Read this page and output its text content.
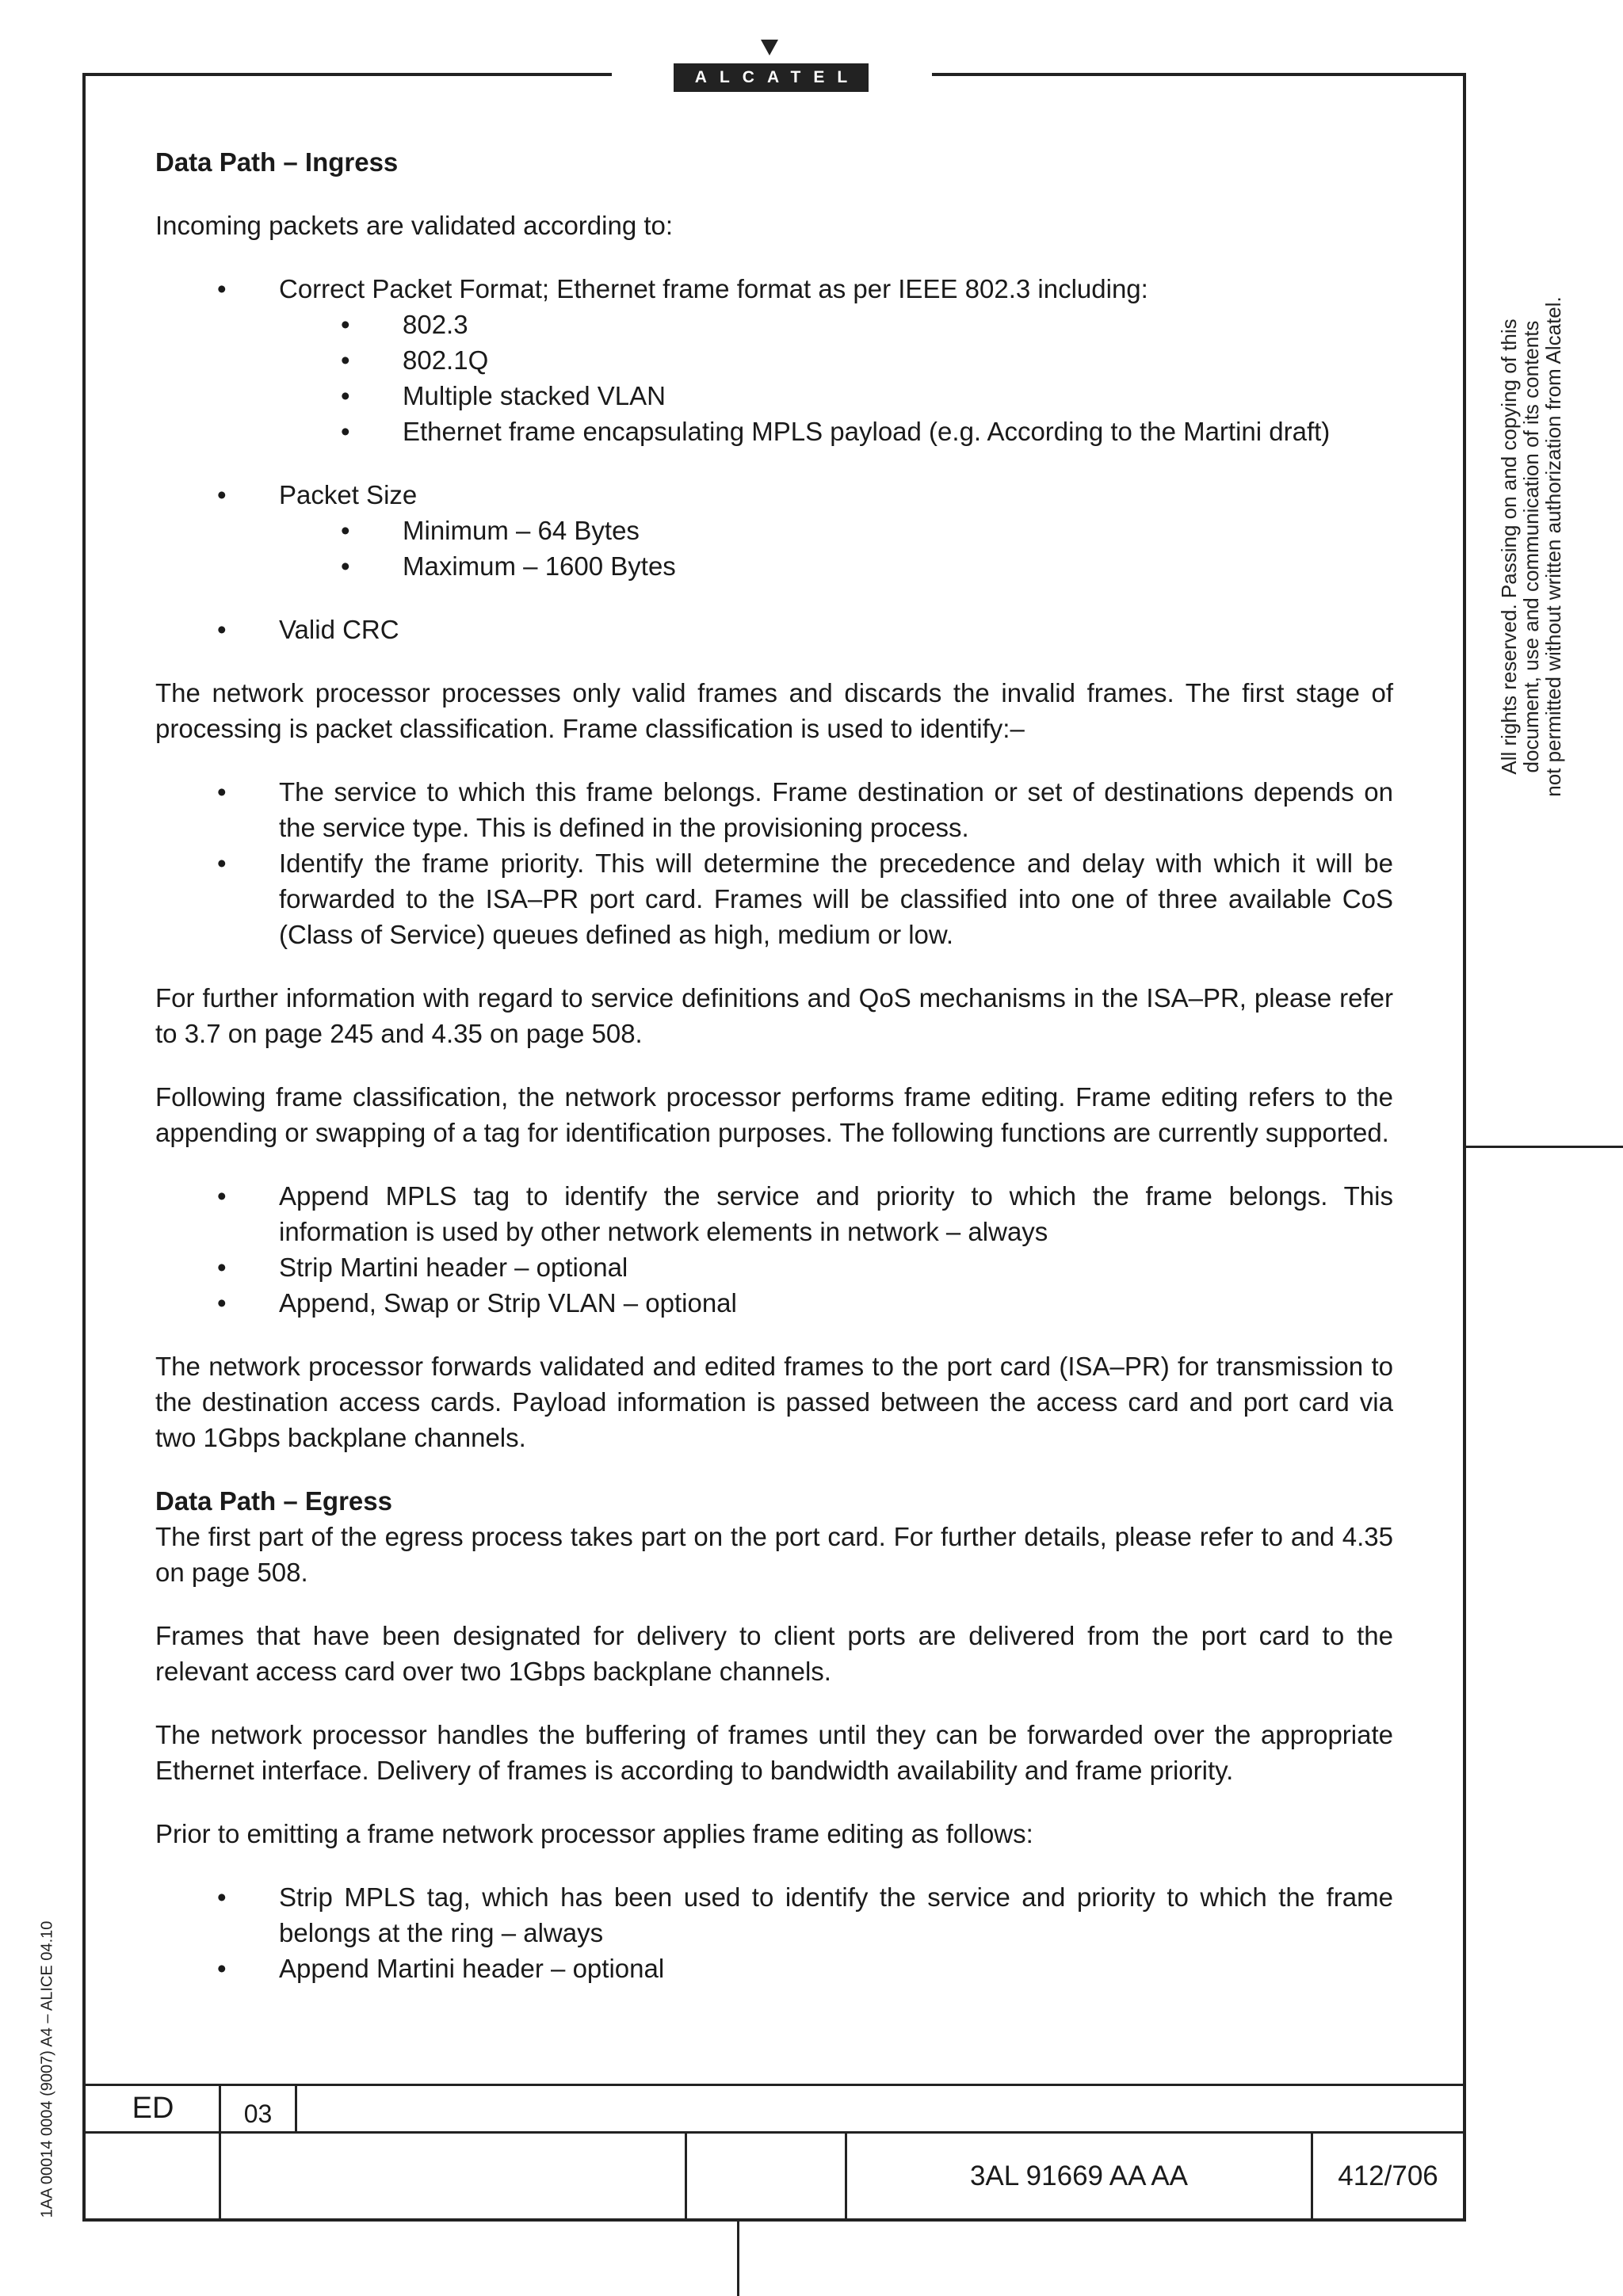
ALCATEL
All rights reserved. Passing on and copying of this
document, use and communication of its contents
not permitted without written authorization from Alcatel.
1AA 00014 0004 (9007) A4 – ALICE 04.10
Data Path – Ingress

Incoming packets are validated according to:

• Correct Packet Format; Ethernet frame format as per IEEE 802.3 including:
• 802.3
• 802.1Q
• Multiple stacked VLAN
• Ethernet frame encapsulating MPLS payload (e.g. According to the Martini draft)
• Packet Size
• Minimum – 64 Bytes
• Maximum – 1600 Bytes
• Valid CRC

The network processor processes only valid frames and discards the invalid frames. The first stage of processing is packet classification. Frame classification is used to identify:–

• The service to which this frame belongs. Frame destination or set of destinations depends on the service type. This is defined in the provisioning process.
• Identify the frame priority. This will determine the precedence and delay with which it will be forwarded to the ISA–PR port card. Frames will be classified into one of three available CoS (Class of Service) queues defined as high, medium or low.

For further information with regard to service definitions and QoS mechanisms in the ISA–PR, please refer to 3.7 on page 245 and 4.35 on page 508.

Following frame classification, the network processor performs frame editing. Frame editing refers to the appending or swapping of a tag for identification purposes. The following functions are currently supported.

• Append MPLS tag to identify the service and priority to which the frame belongs. This information is used by other network elements in network – always
• Strip Martini header – optional
• Append, Swap or Strip VLAN – optional

The network processor forwards validated and edited frames to the port card (ISA–PR) for transmission to the destination access cards. Payload information is passed between the access card and port card via two 1Gbps backplane channels.

Data Path – Egress

The first part of the egress process takes part on the port card. For further details, please refer to and 4.35 on page 508.

Frames that have been designated for delivery to client ports are delivered from the port card to the relevant access card over two 1Gbps backplane channels.

The network processor handles the buffering of frames until they can be forwarded over the appropriate Ethernet interface. Delivery of frames is according to bandwidth availability and frame priority.

Prior to emitting a frame network processor applies frame editing as follows:

• Strip MPLS tag, which has been used to identify the service and priority to which the frame belongs at the ring – always
• Append Martini header – optional
ED	03
3AL 91669 AA AA	412/706
